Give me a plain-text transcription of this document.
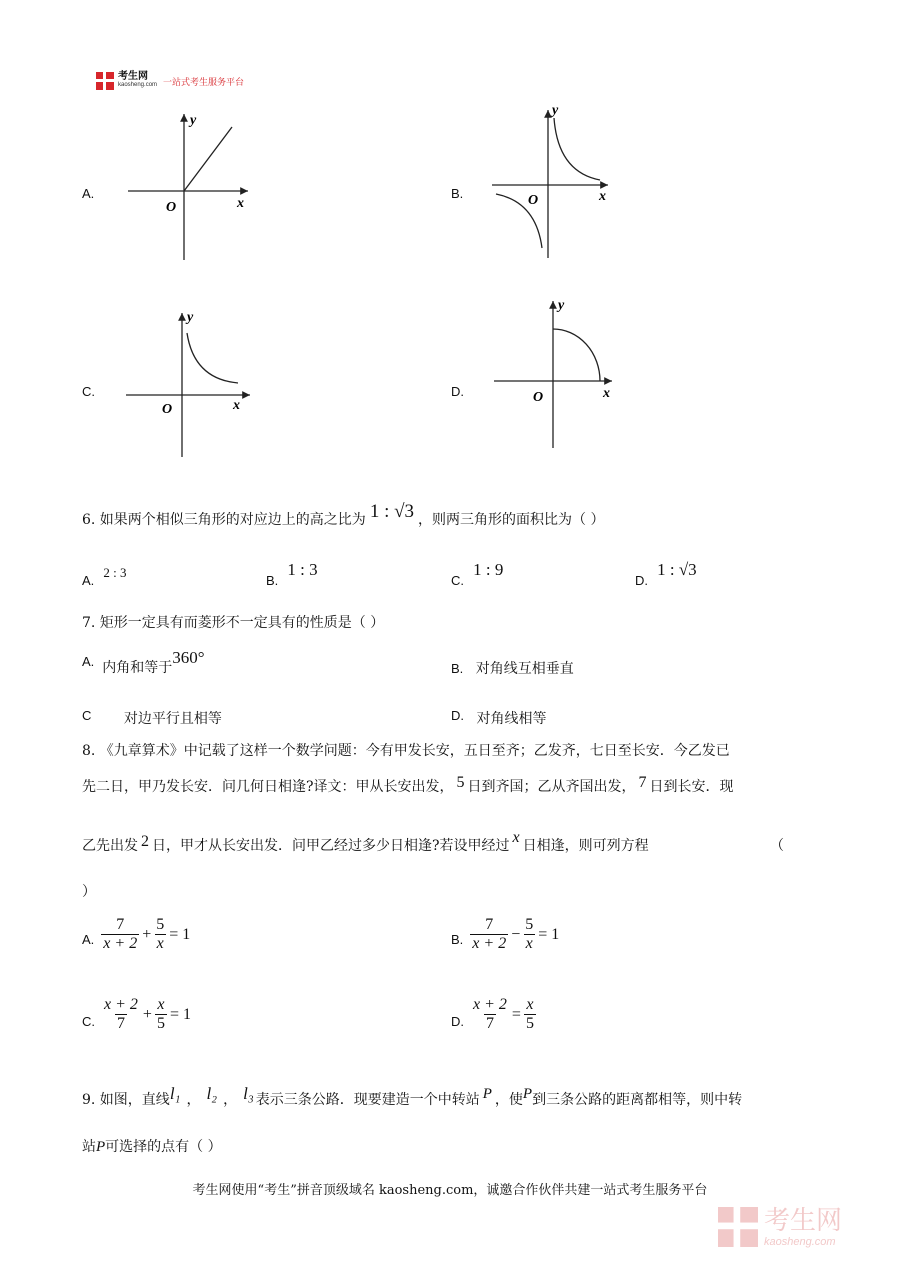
考生网
kaosheng.com 一站式考生服务平台
A.
y
x
O
B.
y
x
O
C.
y
x
O
D.
y
x
O
6. 如果两个相似三角形的对应边上的高之比为 1 : √3 ，则两三角形的面积比为（ ）
$_{A.}$ 2 : 3
$_{B.}$ 1 : 3
$_{C.}$ 1 : 9
$_{D.}$ 1 : √3
7. 矩形一定具有而菱形不一定具有的性质是（ ）
A. 内角和等于
360°
B. 对角线互相垂直
C 对边平行且相等	D. 对角线相等
8. 《九章算术》中记载了这样一个数学问题：今有甲发长安，五日至齐；乙发齐，七日至长安．今乙发已
先二日，甲乃发长安．问几何日相逢?译文：甲从长安出发， 5 日到齐国；乙从齐国出发， 7 日到长安．现
乙先出发 2 日，甲才从长安出发．问甲乙经过多少日相逢?若设甲经过 x 日相逢，则可列方程	（
）
A. $\frac{7}{x + 2} + \frac{5}{x} = 1$	B. $\frac{7}{x + 2} - \frac{5}{x} = 1$
C. $\frac{x + 2}{7} + \frac{x}{5} = 1$	D. $\frac{x + 2}{7} = \frac{x}{5}$
9. 如图，直线 l₁ ， l₂ ， l₃ 表示三条公路．现要建造一个中转站 P ，使 P 到三条公路的距离都相等，则中转
站P可选择的点有（ ）
考生网使用“考生”拼音顶级域名 kaosheng.com，诚邀合作伙伴共建一站式考生服务平台
考生网
kaosheng.com
